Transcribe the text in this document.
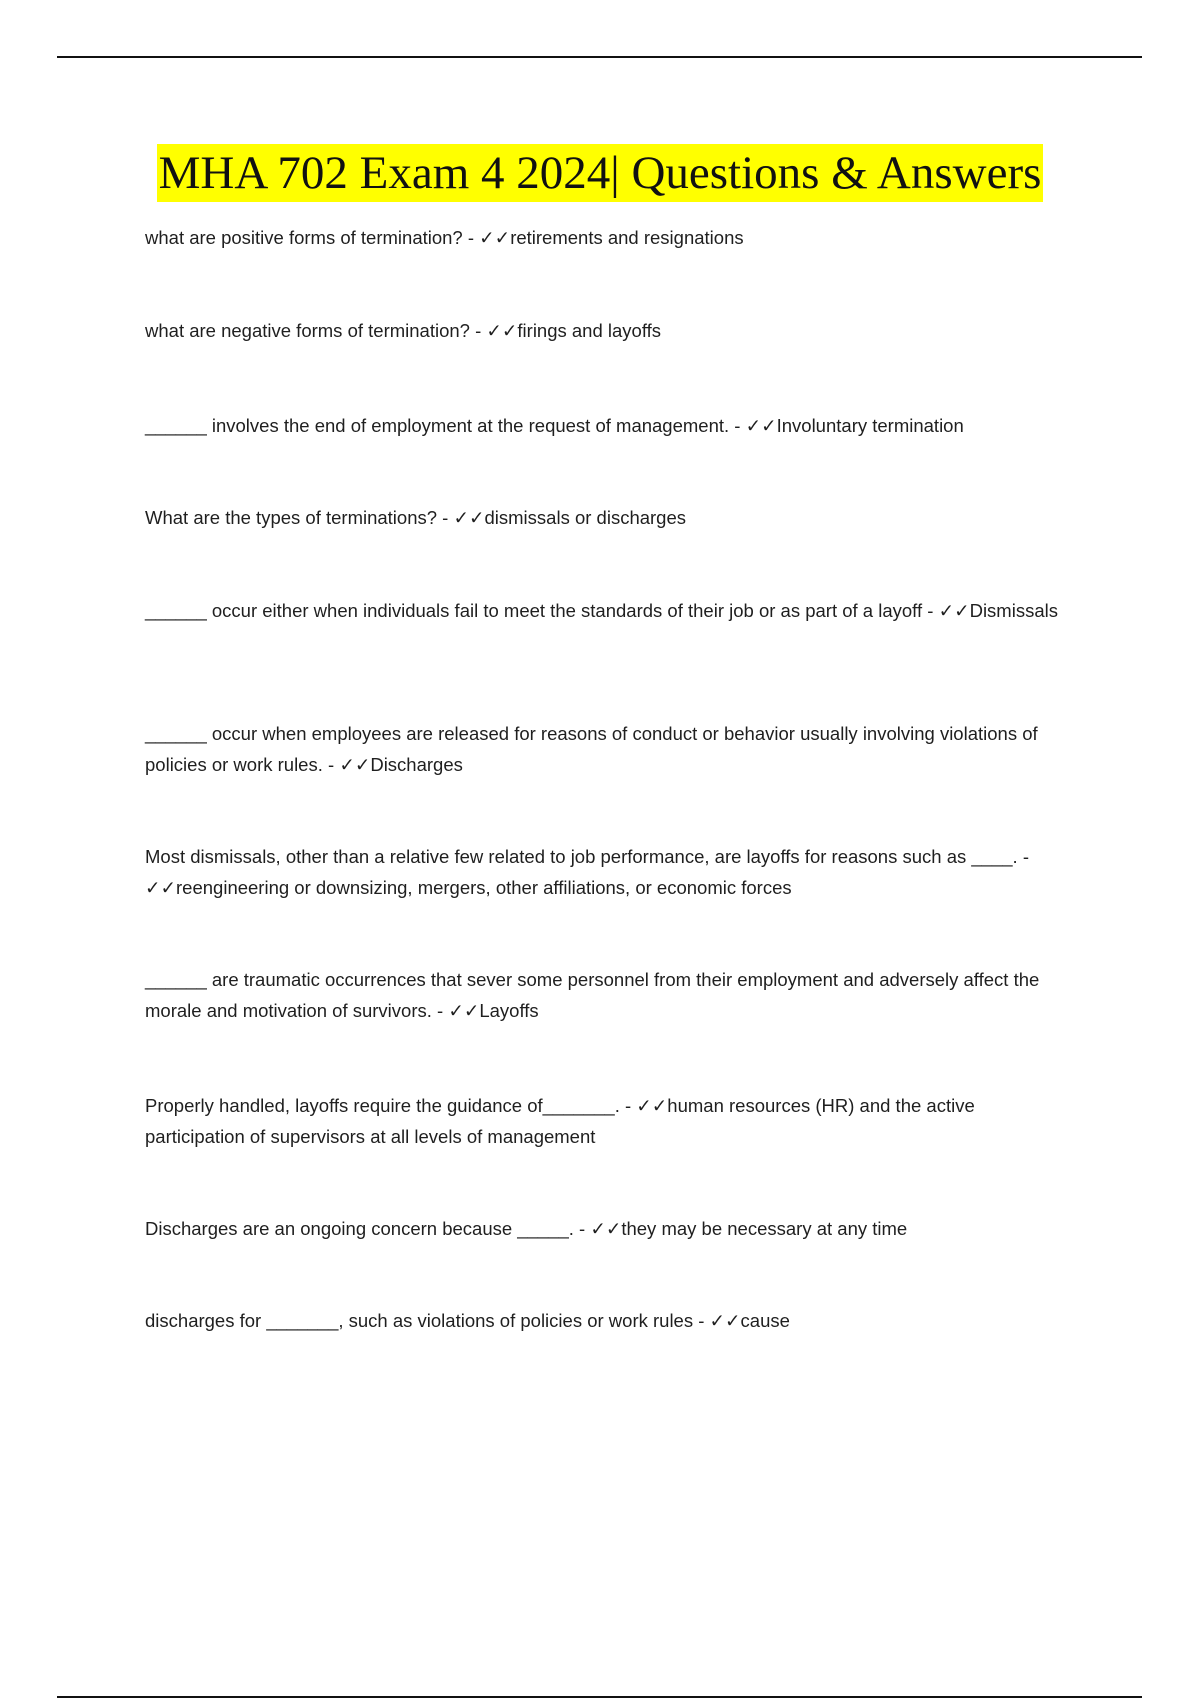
MHA 702 Exam 4 2024| Questions & Answers

what are positive forms of termination? - ✓✓retirements and resignations

what are negative forms of termination? - ✓✓firings and layoffs

______ involves the end of employment at the request of management. - ✓✓Involuntary termination

What are the types of terminations? - ✓✓dismissals or discharges

______ occur either when individuals fail to meet the standards of their job or as part of a layoff - ✓✓Dismissals

______ occur when employees are released for reasons of conduct or behavior usually involving violations of policies or work rules. - ✓✓Discharges

Most dismissals, other than a relative few related to job performance, are layoffs for reasons such as ____. - ✓✓reengineering or downsizing, mergers, other affiliations, or economic forces

______ are traumatic occurrences that sever some personnel from their employment and adversely affect the morale and motivation of survivors. - ✓✓Layoffs

Properly handled, layoffs require the guidance of_______. - ✓✓human resources (HR) and the active participation of supervisors at all levels of management

Discharges are an ongoing concern because _____. - ✓✓they may be necessary at any time

discharges for _______, such as violations of policies or work rules - ✓✓cause
